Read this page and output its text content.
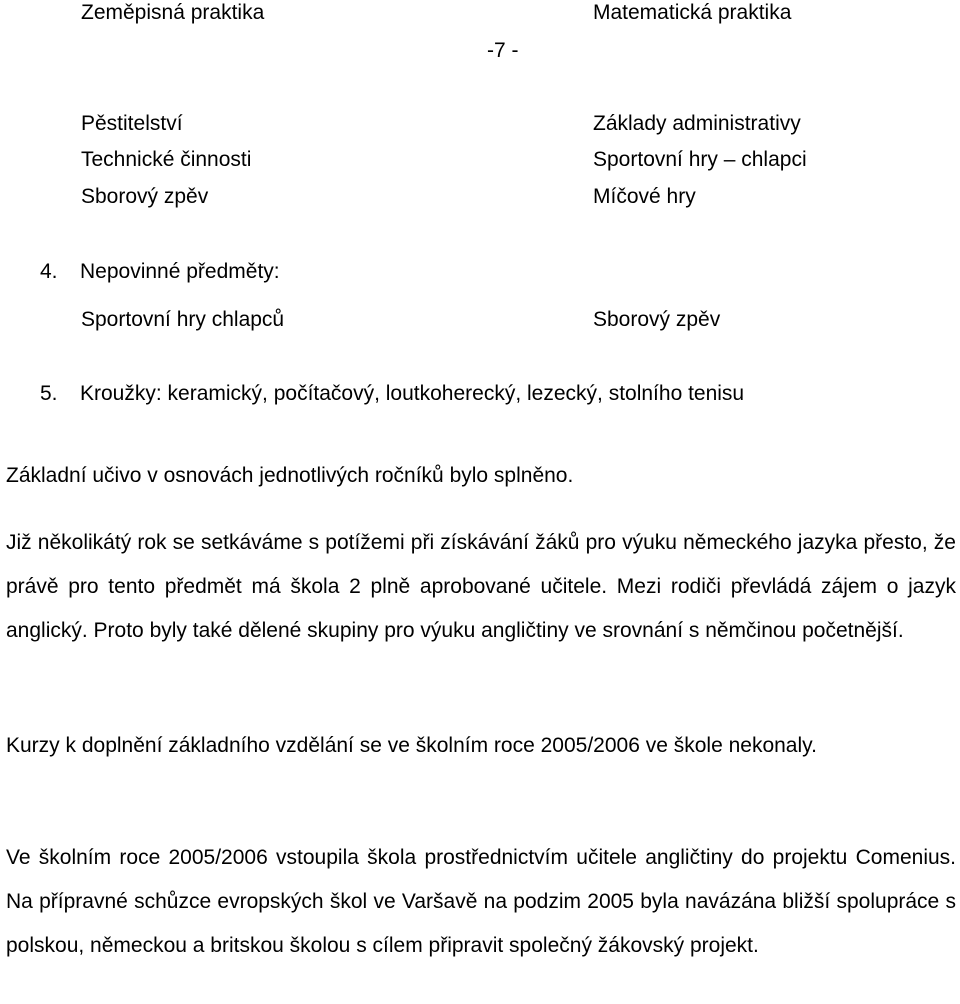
Zeměpisná praktika	Matematická praktika

-7 -

Pěstitelství

Technické činnosti

Sborový zpěv

Základy administrativy

Sportovní hry – chlapci

Míčové hry

4. Nepovinné předměty:

Sportovní hry chlapců	Sborový zpěv

5. Kroužky: keramický, počítačový, loutkoherecký, lezecký, stolního tenisu

Základní učivo v osnovách jednotlivých ročníků bylo splněno.

Již několikátý rok se setkáváme s potížemi při získávání žáků pro výuku německého jazyka přesto, že právě pro tento předmět má škola 2 plně aprobované učitele. Mezi rodiči převládá zájem o jazyk anglický. Proto byly také dělené skupiny pro výuku angličtiny ve srovnání s němčinou početnější.

Kurzy k doplnění základního vzdělání se ve školním roce 2005/2006 ve škole nekonaly.

Ve školním roce 2005/2006 vstoupila škola prostřednictvím učitele angličtiny do projektu Comenius. Na přípravné schůzce evropských škol ve Varšavě na podzim 2005 byla navázána bližší spolupráce s polskou, německou a britskou školou s cílem připravit společný žákovský projekt.
